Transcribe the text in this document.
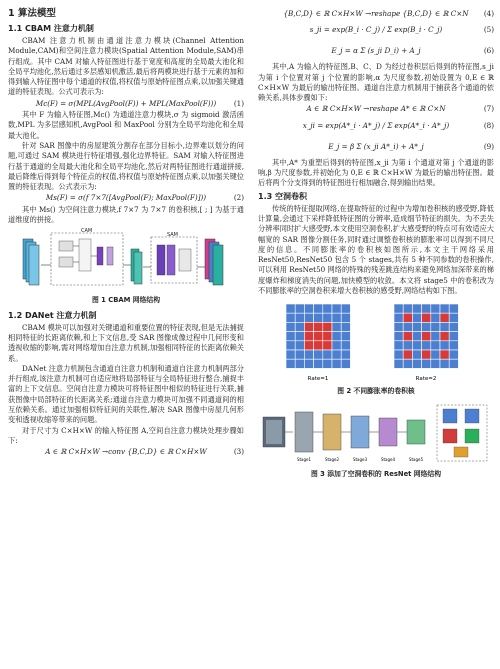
1 算法模型
1.1 CBAM 注意力机制

CBAM 注意力机制由通道注意力模块(Channel Attention Module,CAM)和空间注意力模块(Spatial Attention Module,SAM)串行组成。其中 CAM 对输入特征图进行基于宽度和高度的全局最大池化和全局平均池化,然后通过多层感知机激活,最后将两模块进行基于元素的加和得到输入特征图中每个通道的权值,将权值与原始特征图点乘,以加强关键通道的特征表现。公式可表示为:

Mc(F) = σ(MPL(AvgPool(F)) + MPL(MaxPool(F))) (1)

其中 F 为输入特征图,Mc() 为通道注意力模块,σ 为 sigmoid 激活函数,MPL 为多层感知机,AvgPool 和 MaxPool 分别为全局平均池化和全局最大池化。

针对 SAR 图像中的房屋建筑分割存在部分目标小,边界难以划分的问题,可通过 SAM 模块进行特征增强,强化边界特征。SAM 对输入特征图进行基于通道的全局最大池化和全局平均池化,然后对两特征图进行通道拼接,最后降维后得到每个特征点的权值,将权值与原始特征图点乘,以加强关键位置的特征表现。公式表示为:

Ms(F) = σ(f 7×7([AvgPool(F); MaxPool(F)]))	(2)

其中 Ms() 为空间注意力模块,f 7×7 为 7×7 的卷积核,[ ; ] 为基于通道维度的拼接。

CAM
SAM
图 1 CBAM 网络结构
1.2 DANet 注意力机制

CBAM 模块可以加强对关键通道和重要位置的特征表现,但是无法捕捉相同特征的长距离依赖,和上下文信息,受 SAR 图像成像过程中几何形变和透视收缩的影响,需对网络增加自注意力机制,加强相同特征的长距离依赖关系。

DANet 注意力机制包含通道自注意力机制和通道自注意力机制两部分并行组成,该注意力机制可自适应地将局部特征与全局特征进行整合,捕捉丰富的上下文信息。空间自注意力模块可将特征图中相似的特征进行关联,捕获图像中局部特征的长距离关系;通道自注意力模块可加强不同通道间的相互依赖关系。通过加强相似特征间的关联性,解决 SAR 图像中房屋几何形变和透视收缩等带来的问题。

对于尺寸为 C×H×W 的输入特征图 A,空间自注意力模块处理步骤如下:

A ∈ ℝ C×H×W →conv {B,C,D} ∈ ℝ C×H×W	(3)
{B,C,D} ∈ ℝ C×H×W →reshape {B,C,D} ∈ ℝ C×N (4)
s_ji = exp(B_i · C_j) / Σ exp(B_i · C_j)	(5)
E_j = α Σ (s_ji D_i) + A_j	(6)

其中,A 为输入的特征图,B、C、D 为经过卷积层后得到的特征图,s_ji 为第 i 个位置对第 j 个位置的影响,α 为尺度参数,初始设置为 0,E ∈ ℝ C×H×W 为最后的输出特征图。通道自注意力机制用于捕获各个通道的依赖关系,具体步骤如下:

A ∈ ℝ C×H×W →reshape A* ∈ ℝ C×N	(7)
x_ji = exp(A*_i · A*_j) / Σ exp(A*_i · A*_j)	(8)
E_j = β Σ (x_ji A*_i) + A*_j	(9)

其中,A* 为重塑后得到的特征图,x_ji 为第 i 个通道对第 j 个通道的影响,β 为尺度参数,并初始化为 0,E ∈ ℝ C×H×W 为最后的输出特征图。最后将两个分支得到的特征图进行相加融合,得到输出结果。

1.3 空洞卷积

传统的特征提取网络,在提取特征的过程中为增加卷积核的感受野,降低计算量,会通过下采样降低特征图的分辨率,造成细节特征的损失。为不丢失分辨率同时扩大感受野,本文使用空洞卷积,扩大感受野的特点可有效适应大幅宽的 SAR 图像分割任务,同时通过调整卷积核的膨胀率可以得到不同尺度的信息。不同膨胀率的卷积核如图所示,本文主干网络采用 ResNet50,ResNet50 包含 5 个 stages,共有 5 种不同参数的卷积操作,可以利用 ResNet50 网络的特殊的残差跳连结构来避免网络加深带来的梯度爆炸和梯度消失的问题,加快模型的收敛。本文将 stage5 中的卷积改为不同膨胀率的空洞卷积来增大卷积核的感受野,网络结构如下图。

Rate=1	Rate=2
图 2 不同膨胀率的卷积核
Stage1	Stage2	Stage3	Stage4	Stage5
图 3 添加了空洞卷积的 ResNet 网络结构
